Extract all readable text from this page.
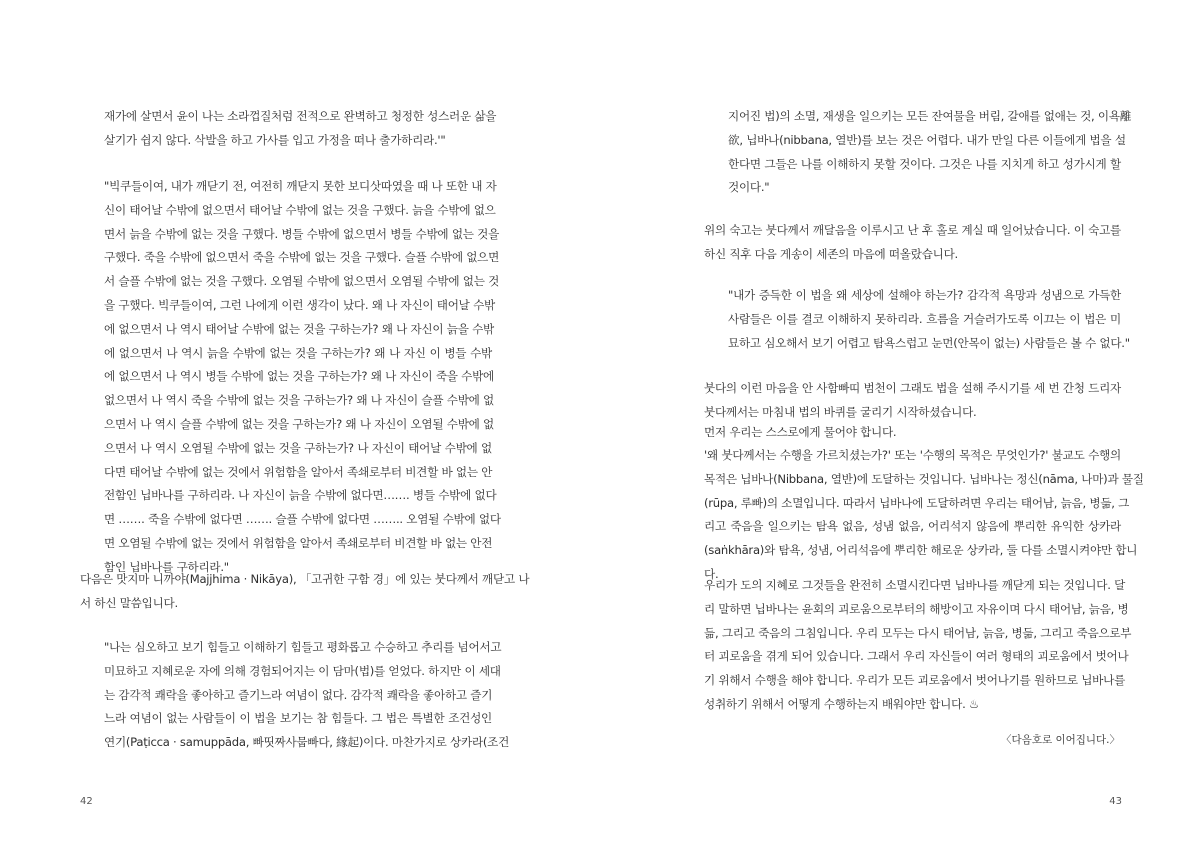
재가에 살면서 윤이 나는 소라껍질처럼 전적으로 완벽하고 청정한 성스러운 삶을
살기가 쉽지 않다. 삭발을 하고 가사를 입고 가정을 떠나 출가하리라.'"
"빅쿠들이여, 내가 깨닫기 전, 여전히 깨닫지 못한 보디삿따였을 때 나 또한 내 자
신이 태어날 수밖에 없으면서 태어날 수밖에 없는 것을 구했다. 늙을 수밖에 없으
면서 늙을 수밖에 없는 것을 구했다. 병들 수밖에 없으면서 병들 수밖에 없는 것을
구했다. 죽을 수밖에 없으면서 죽을 수밖에 없는 것을 구했다. 슬플 수밖에 없으면
서 슬플 수밖에 없는 것을 구했다. 오염될 수밖에 없으면서 오염될 수밖에 없는 것
을 구했다. 빅쿠들이여, 그런 나에게 이런 생각이 났다. 왜 나 자신이 태어날 수밖
에 없으면서 나 역시 태어날 수밖에 없는 것을 구하는가? 왜 나 자신이 늙을 수밖
에 없으면서 나 역시 늙을 수밖에 없는 것을 구하는가? 왜 나 자신 이 병들 수밖
에 없으면서 나 역시 병들 수밖에 없는 것을 구하는가? 왜 나 자신이 죽을 수밖에
없으면서 나 역시 죽을 수밖에 없는 것을 구하는가? 왜 나 자신이 슬플 수밖에 없
으면서 나 역시 슬플 수밖에 없는 것을 구하는가? 왜 나 자신이 오염될 수밖에 없
으면서 나 역시 오염될 수밖에 없는 것을 구하는가? 나 자신이 태어날 수밖에 없
다면 태어날 수밖에 없는 것에서 위험함을 알아서 족쇄로부터 비견할 바 없는 안
전함인 닙바나를 구하리라. 나 자신이 늙을 수밖에 없다면……. 병들 수밖에 없다
면 ……. 죽을 수밖에 없다면 ……. 슬플 수밖에 없다면 …….. 오염될 수밖에 없다
면 오염될 수밖에 없는 것에서 위험함을 알아서 족쇄로부터 비견할 바 없는 안전
함인 닙바나를 구하리라."
다음은 맛지마 니까야(Majjhima · Nikāya), 「고귀한 구함 경」에 있는 붓다께서 깨닫고 나
서 하신 말씀입니다.
"나는 심오하고 보기 힘들고 이해하기 힘들고 평화롭고 수승하고 추리를 넘어서고
미묘하고 지혜로운 자에 의해 경험되어지는 이 담마(법)를 얻었다. 하지만 이 세대
는 감각적 쾌락을 좋아하고 즐기느라 여념이 없다. 감각적 쾌락을 좋아하고 즐기
느라 여념이 없는 사람들이 이 법을 보기는 참 힘들다. 그 법은 특별한 조건성인
연기(Paṭicca · samuppāda, 빠띳짜사뭅빠다, 緣起)이다. 마찬가지로 상카라(조건
42
지어진 법)의 소멸, 재생을 일으키는 모든 잔여물을 버림, 갈애를 없애는 것, 이욕離
欲, 닙바나(nibbana, 열반)를 보는 것은 어렵다. 내가 만일 다른 이들에게 법을 설
한다면 그들은 나를 이해하지 못할 것이다. 그것은 나를 지치게 하고 성가시게 할
것이다."
위의 숙고는 붓다께서 깨달음을 이루시고 난 후 홀로 계실 때 일어났습니다. 이 숙고를
하신 직후 다음 게송이 세존의 마음에 떠올랐습니다.
"내가 증득한 이 법을 왜 세상에 설해야 하는가? 감각적 욕망과 성냄으로 가득한
사람들은 이를 결코 이해하지 못하리라. 흐름을 거슬러가도록 이끄는 이 법은 미
묘하고 심오해서 보기 어렵고 탐욕스럽고 눈먼(안목이 없는) 사람들은 볼 수 없다."
붓다의 이런 마음을 안 사함빠띠 범천이 그래도 법을 설해 주시기를 세 번 간청 드리자
붓다께서는 마침내 법의 바퀴를 굴리기 시작하셨습니다.
먼저 우리는 스스로에게 물어야 합니다.
'왜 붓다께서는 수행을 가르치셨는가?' 또는 '수행의 목적은 무엇인가?' 불교도 수행의
목적은 닙바나(Nibbana, 열반)에 도달하는 것입니다. 닙바나는 정신(nāma, 나마)과 물질
(rūpa, 루빠)의 소멸입니다. 따라서 닙바나에 도달하려면 우리는 태어남, 늙음, 병듦, 그
리고 죽음을 일으키는 탐욕 없음, 성냄 없음, 어리석지 않음에 뿌리한 유익한 상카라
(saṅkhāra)와 탐욕, 성냄, 어리석음에 뿌리한 해로운 상카라, 둘 다를 소멸시켜야만 합니
다.
우리가 도의 지혜로 그것들을 완전히 소멸시킨다면 닙바나를 깨닫게 되는 것입니다. 달
리 말하면 닙바나는 윤회의 괴로움으로부터의 해방이고 자유이며 다시 태어남, 늙음, 병
듦, 그리고 죽음의 그침입니다. 우리 모두는 다시 태어남, 늙음, 병듦, 그리고 죽음으로부
터 괴로움을 겪게 되어 있습니다. 그래서 우리 자신들이 여러 형태의 괴로움에서 벗어나
기 위해서 수행을 해야 합니다. 우리가 모든 괴로움에서 벗어나기를 원하므로 닙바나를
성취하기 위해서 어떻게 수행하는지 배워야만 합니다. ♨
〈다음호로 이어집니다.〉
43
